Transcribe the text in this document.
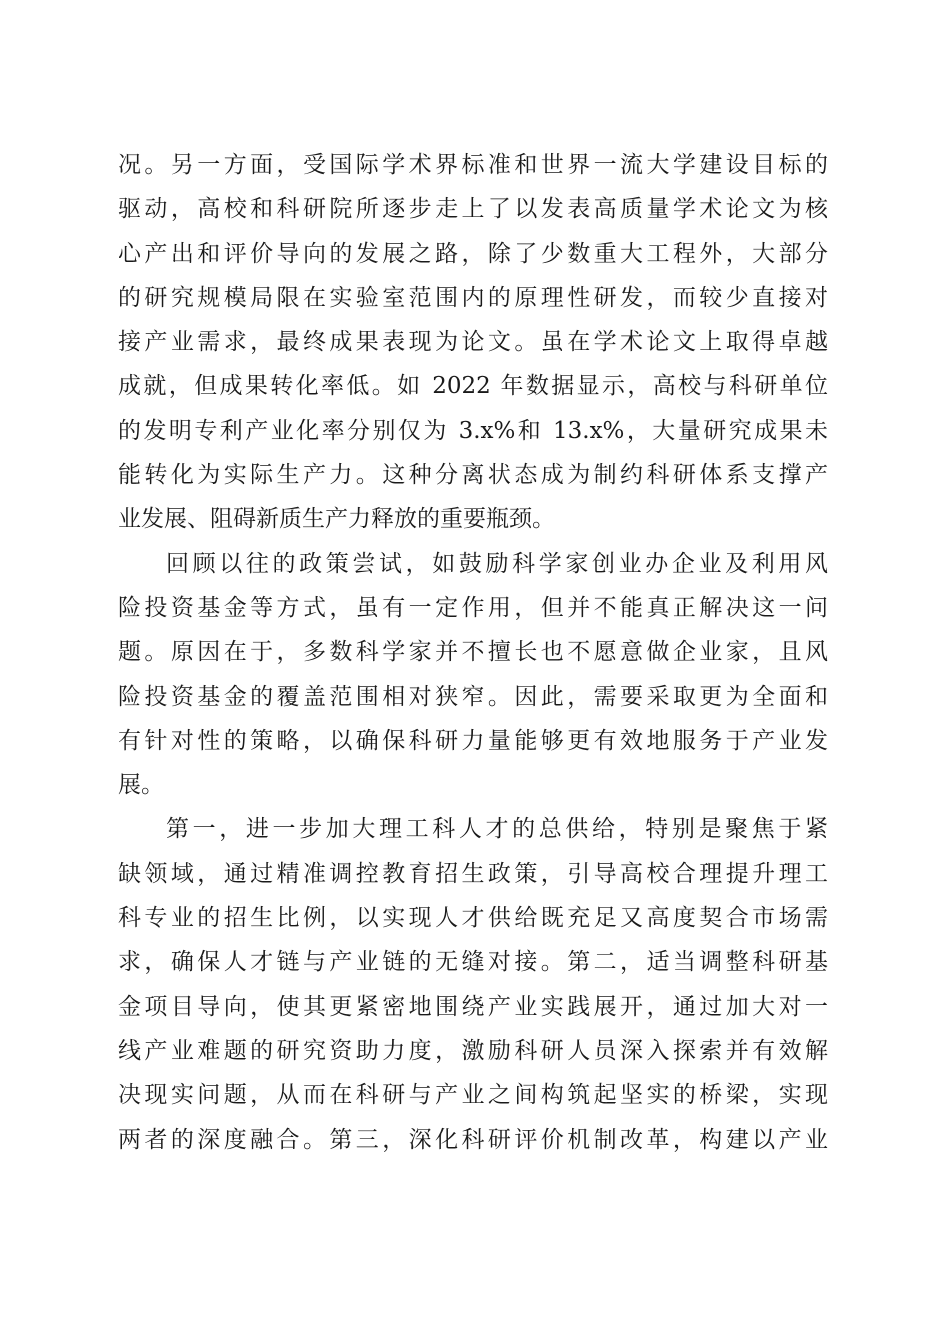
况。另一方面，受国际学术界标准和世界一流大学建设目标的
驱动，高校和科研院所逐步走上了以发表高质量学术论文为核
心产出和评价导向的发展之路，除了少数重大工程外，大部分
的研究规模局限在实验室范围内的原理性研发，而较少直接对
接产业需求，最终成果表现为论文。虽在学术论文上取得卓越
成就，但成果转化率低。如 2022 年数据显示，高校与科研单位
的发明专利产业化率分别仅为 3.x%和 13.x%，大量研究成果未
能转化为实际生产力。这种分离状态成为制约科研体系支撑产
业发展、阻碍新质生产力释放的重要瓶颈。
回顾以往的政策尝试，如鼓励科学家创业办企业及利用风
险投资基金等方式，虽有一定作用，但并不能真正解决这一问
题。原因在于，多数科学家并不擅长也不愿意做企业家，且风
险投资基金的覆盖范围相对狭窄。因此，需要采取更为全面和
有针对性的策略，以确保科研力量能够更有效地服务于产业发
展。
第一，进一步加大理工科人才的总供给，特别是聚焦于紧
缺领域，通过精准调控教育招生政策，引导高校合理提升理工
科专业的招生比例，以实现人才供给既充足又高度契合市场需
求，确保人才链与产业链的无缝对接。第二，适当调整科研基
金项目导向，使其更紧密地围绕产业实践展开，通过加大对一
线产业难题的研究资助力度，激励科研人员深入探索并有效解
决现实问题，从而在科研与产业之间构筑起坚实的桥梁，实现
两者的深度融合。第三，深化科研评价机制改革，构建以产业
